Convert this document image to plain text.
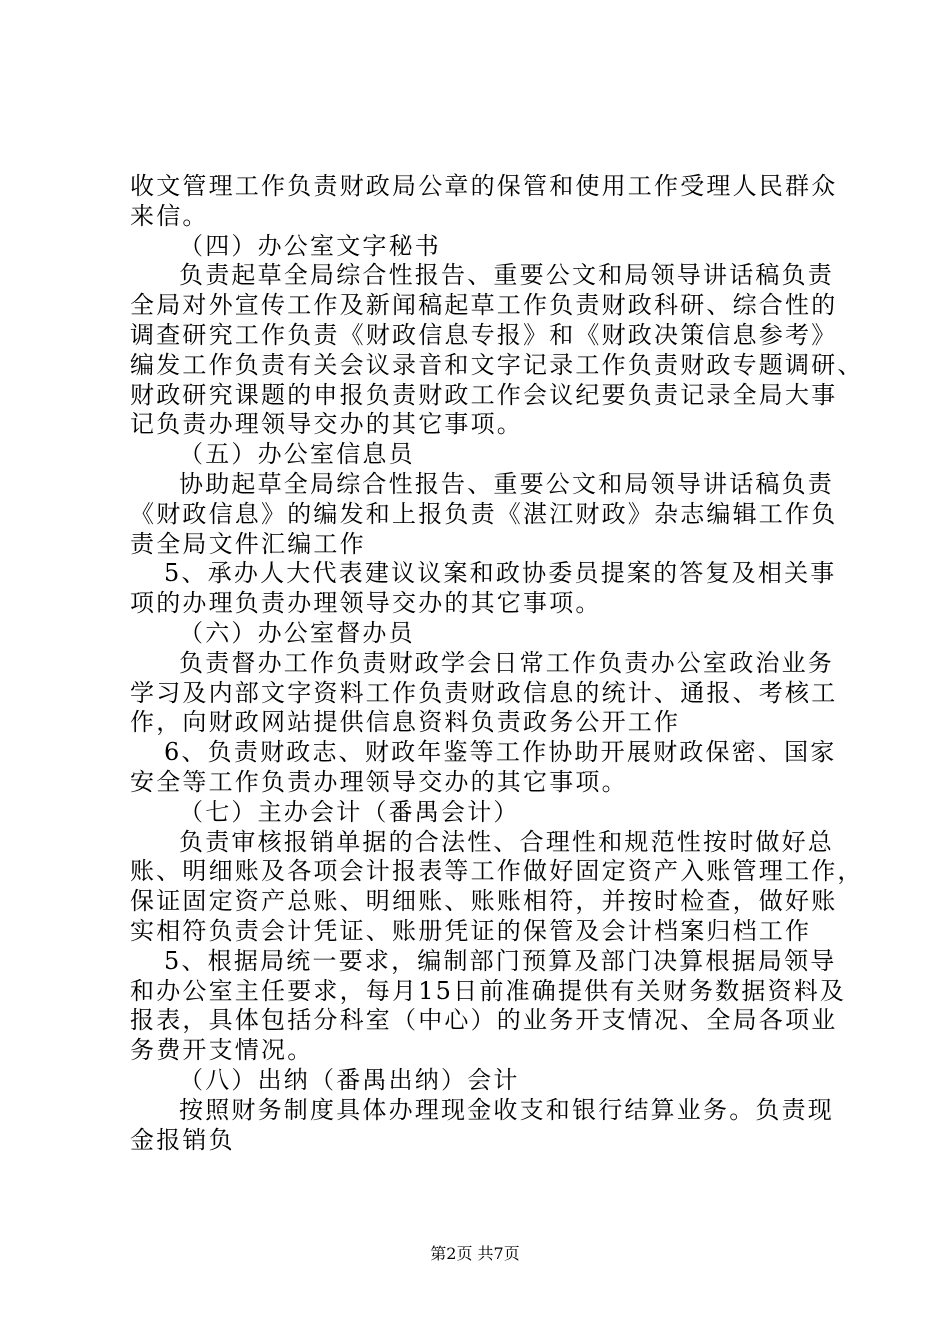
收文管理工作负责财政局公章的保管和使用工作受理人民群众
来信。
（四）办公室文字秘书
负责起草全局综合性报告、重要公文和局领导讲话稿负责
全局对外宣传工作及新闻稿起草工作负责财政科研、综合性的
调查研究工作负责《财政信息专报》和《财政决策信息参考》
编发工作负责有关会议录音和文字记录工作负责财政专题调研、
财政研究课题的申报负责财政工作会议纪要负责记录全局大事
记负责办理领导交办的其它事项。
（五）办公室信息员
协助起草全局综合性报告、重要公文和局领导讲话稿负责
《财政信息》的编发和上报负责《湛江财政》杂志编辑工作负
责全局文件汇编工作
5、承办人大代表建议议案和政协委员提案的答复及相关事
项的办理负责办理领导交办的其它事项。
（六）办公室督办员
负责督办工作负责财政学会日常工作负责办公室政治业务
学习及内部文字资料工作负责财政信息的统计、通报、考核工
作，向财政网站提供信息资料负责政务公开工作
6、负责财政志、财政年鉴等工作协助开展财政保密、国家
安全等工作负责办理领导交办的其它事项。
（七）主办会计（番禺会计）
负责审核报销单据的合法性、合理性和规范性按时做好总
账、明细账及各项会计报表等工作做好固定资产入账管理工作，
保证固定资产总账、明细账、账账相符，并按时检查，做好账
实相符负责会计凭证、账册凭证的保管及会计档案归档工作
5、根据局统一要求，编制部门预算及部门决算根据局领导
和办公室主任要求，每月15日前准确提供有关财务数据资料及
报表，具体包括分科室（中心）的业务开支情况、全局各项业
务费开支情况。
（八）出纳（番禺出纳）会计
按照财务制度具体办理现金收支和银行结算业务。负责现
金报销负
第2页 共7页
